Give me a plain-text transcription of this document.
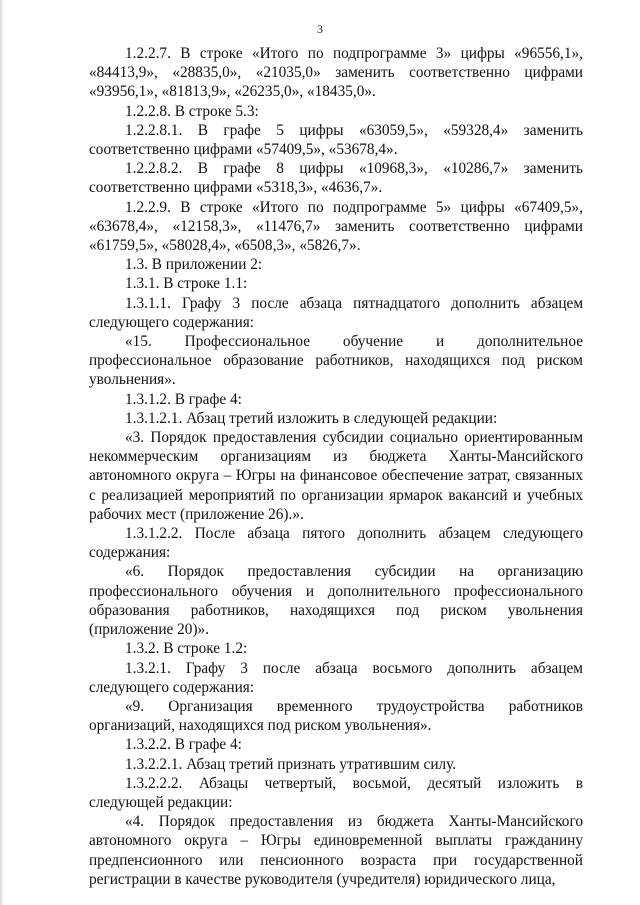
3

1.2.2.7. В строке «Итого по подпрограмме 3» цифры «96556,1», «84413,9», «28835,0», «21035,0» заменить соответственно цифрами «93956,1», «81813,9», «26235,0», «18435,0».

1.2.2.8. В строке 5.3:

1.2.2.8.1. В графе 5 цифры «63059,5», «59328,4» заменить соответственно цифрами «57409,5», «53678,4».

1.2.2.8.2. В графе 8 цифры «10968,3», «10286,7» заменить соответственно цифрами «5318,3», «4636,7».

1.2.2.9. В строке «Итого по подпрограмме 5» цифры «67409,5», «63678,4», «12158,3», «11476,7» заменить соответственно цифрами «61759,5», «58028,4», «6508,3», «5826,7».

1.3. В приложении 2:

1.3.1. В строке 1.1:

1.3.1.1. Графу 3 после абзаца пятнадцатого дополнить абзацем следующего содержания:

«15. Профессиональное обучение и дополнительное профессиональное образование работников, находящихся под риском увольнения».

1.3.1.2. В графе 4:

1.3.1.2.1. Абзац третий изложить в следующей редакции:

«3. Порядок предоставления субсидии социально ориентированным некоммерческим организациям из бюджета Ханты-Мансийского автономного округа – Югры на финансовое обеспечение затрат, связанных с реализацией мероприятий по организации ярмарок вакансий и учебных рабочих мест (приложение 26).».

1.3.1.2.2. После абзаца пятого дополнить абзацем следующего содержания:

«6. Порядок предоставления субсидии на организацию профессионального обучения и дополнительного профессионального образования работников, находящихся под риском увольнения (приложение 20)».

1.3.2. В строке 1.2:

1.3.2.1. Графу 3 после абзаца восьмого дополнить абзацем следующего содержания:

«9. Организация временного трудоустройства работников организаций, находящихся под риском увольнения».

1.3.2.2. В графе 4:

1.3.2.2.1. Абзац третий признать утратившим силу.

1.3.2.2.2. Абзацы четвертый, восьмой, десятый изложить в следующей редакции:

«4. Порядок предоставления из бюджета Ханты-Мансийского автономного округа – Югры единовременной выплаты гражданину предпенсионного или пенсионного возраста при государственной регистрации в качестве руководителя (учредителя) юридического лица,
